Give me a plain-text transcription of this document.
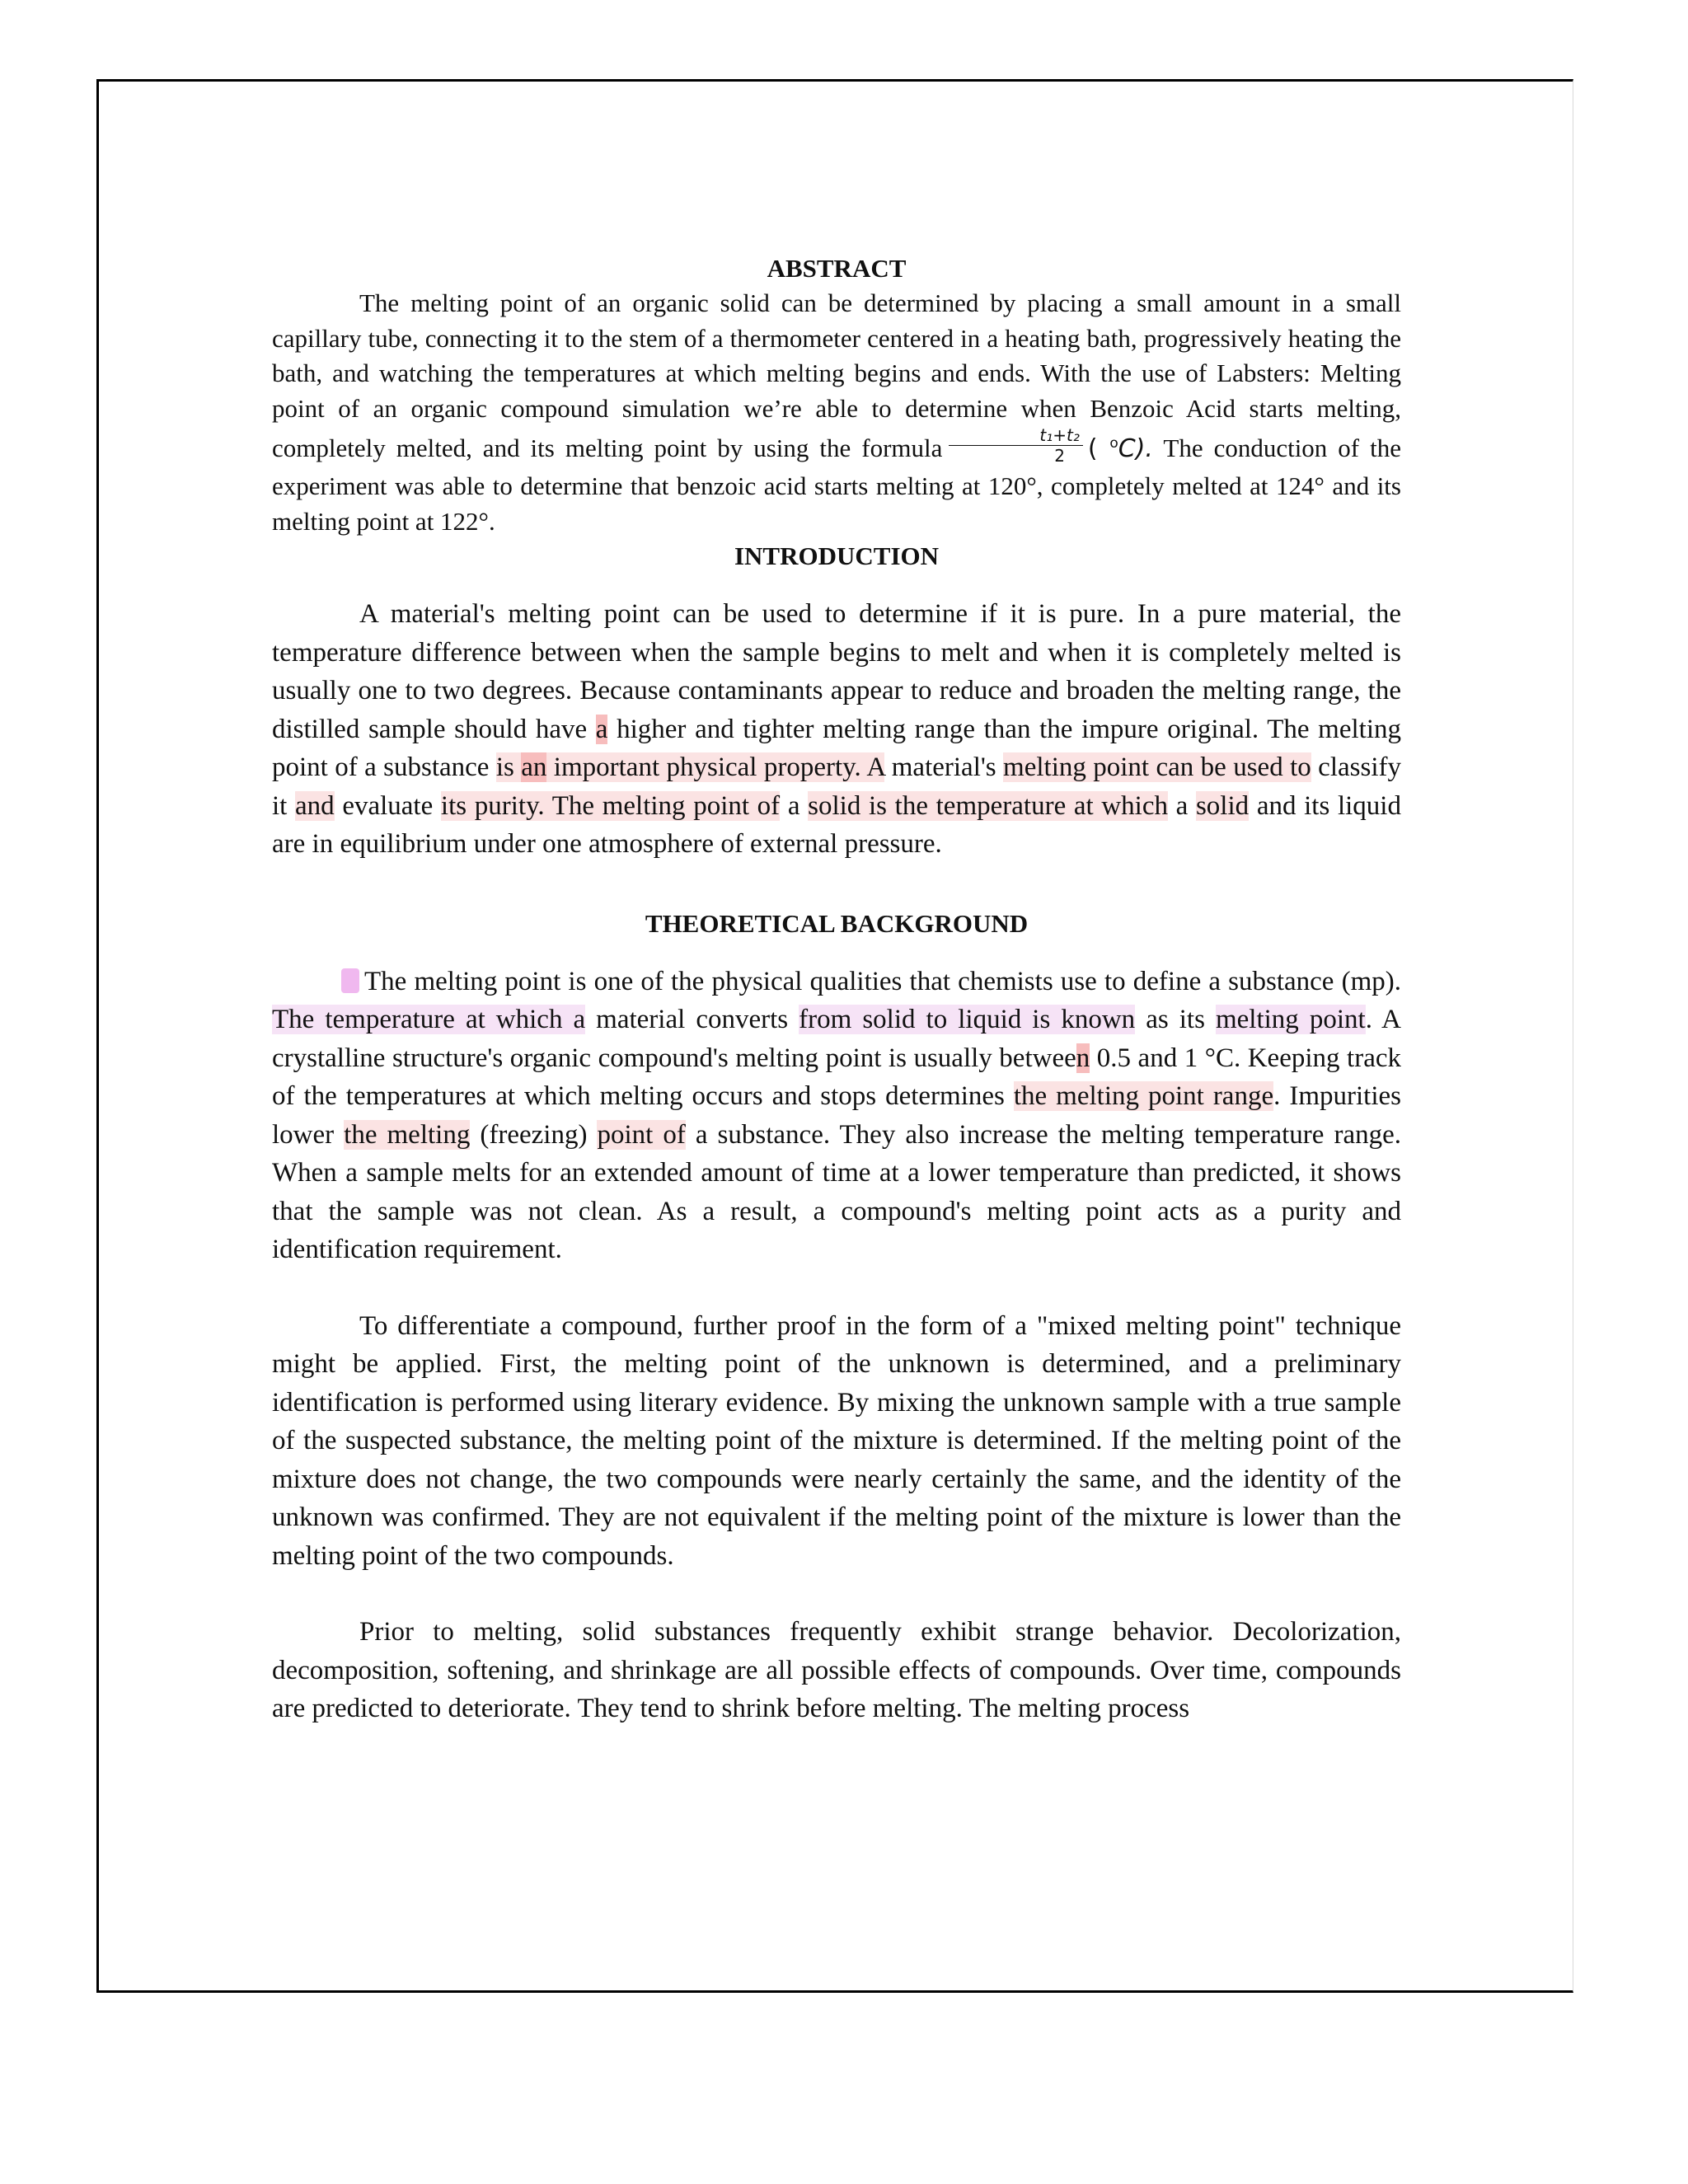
ABSTRACT

The melting point of an organic solid can be determined by placing a small amount in a small capillary tube, connecting it to the stem of a thermometer centered in a heating bath, progressively heating the bath, and watching the temperatures at which melting begins and ends. With the use of Labsters: Melting point of an organic compound simulation we’re able to determine when Benzoic Acid starts melting, completely melted, and its melting point by using the formula $\frac{\text{t₁+t₂}}{2}$ ( $^o$C). The conduction of the experiment was able to determine that benzoic acid starts melting at 120°, completely melted at 124° and its melting point at 122°.

INTRODUCTION

A material's melting point can be used to determine if it is pure. In a pure material, the temperature difference between when the sample begins to melt and when it is completely melted is usually one to two degrees. Because contaminants appear to reduce and broaden the melting range, the distilled sample should have a higher and tighter melting range than the impure original. The melting point of a substance is an important physical property. A material's melting point can be used to classify it and evaluate its purity. The melting point of a solid is the temperature at which a solid and its liquid are in equilibrium under one atmosphere of external pressure.

THEORETICAL BACKGROUND

The melting point is one of the physical qualities that chemists use to define a substance (mp). The temperature at which a material converts from solid to liquid is known as its melting point. A crystalline structure's organic compound's melting point is usually between 0.5 and 1 °C. Keeping track of the temperatures at which melting occurs and stops determines the melting point range. Impurities lower the melting (freezing) point of a substance. They also increase the melting temperature range. When a sample melts for an extended amount of time at a lower temperature than predicted, it shows that the sample was not clean. As a result, a compound's melting point acts as a purity and identification requirement.

To differentiate a compound, further proof in the form of a "mixed melting point" technique might be applied. First, the melting point of the unknown is determined, and a preliminary identification is performed using literary evidence. By mixing the unknown sample with a true sample of the suspected substance, the melting point of the mixture is determined. If the melting point of the mixture does not change, the two compounds were nearly certainly the same, and the identity of the unknown was confirmed. They are not equivalent if the melting point of the mixture is lower than the melting point of the two compounds.

Prior to melting, solid substances frequently exhibit strange behavior. Decolorization, decomposition, softening, and shrinkage are all possible effects of compounds. Over time, compounds are predicted to deteriorate. They tend to shrink before melting. The melting process
